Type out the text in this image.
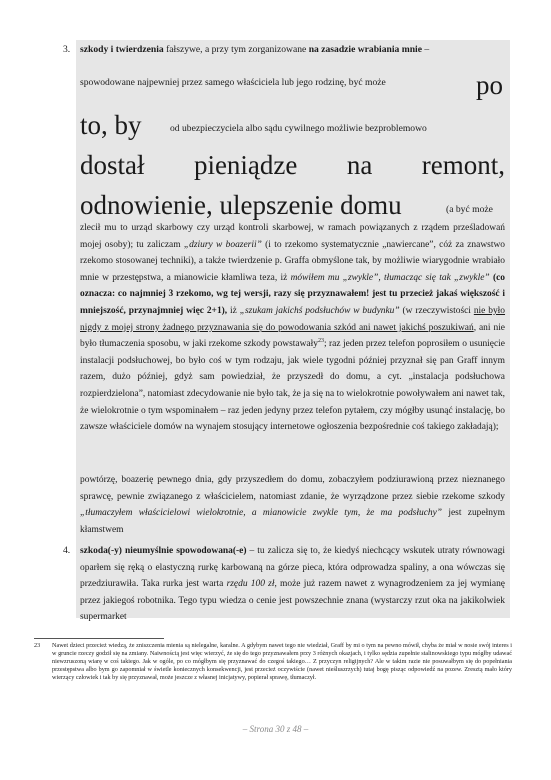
3. szkody i twierdzenia fałszywe, a przy tym zorganizowane na zasadzie wrabiania mnie –

spowodowane najpewniej przez samego właściciela lub jego rodzinę, być może	po
to, by	od ubezpieczyciela albo sądu cywilnego możliwie bezproblemowo

dostał pieniądze na remont,
odnowienie, ulepszenie domu	(a być może

zlecił mu to urząd skarbowy czy urząd kontroli skarbowej, w ramach powiązanych z rządem prześladowań mojej osoby); tu zaliczam „dziury w boazerii” (i to rzekomo systematycznie „nawiercane”, cóż za znawstwo rzekomo stosowanej techniki), a także twierdzenie p. Graffa obmyślone tak, by możliwie wiarygodnie wrabiało mnie w przestępstwa, a mianowicie kłamliwa teza, iż mówiłem mu „zwykle”, tłumacząc się tak „zwykle” (co oznacza: co najmniej 3 rzekomo, wg tej wersji, razy się przyznawałem! jest tu przecież jakaś większość i mniejszość, przynajmniej więc 2+1), iż „szukam jakichś podsłuchów w budynku” (w rzeczywistości nie było nigdy z mojej strony żadnego przyznawania się do powodowania szkód ani nawet jakichś poszukiwań, ani nie było tłumaczenia sposobu, w jaki rzekome szkody powstawały$^{23}$; raz jeden przez telefon poprosiłem o usunięcie instalacji podsłuchowej, bo było coś w tym rodzaju, jak wiele tygodni później przyznał się pan Graff innym razem, dużo później, gdyż sam powiedział, że przyszedł do domu, a cyt. „instalacja podsłuchowa rozpierdzielona”, natomiast zdecydowanie nie było tak, że ja się na to wielokrotnie powoływałem ani nawet tak, że wielokrotnie o tym wspominałem – raz jeden jedyny przez telefon pytałem, czy mógłby usunąć instalację, bo zawsze właściciele domów na wynajem stosujący internetowe ogłoszenia bezpośrednie coś takiego zakładają);

powtórzę, boazerię pewnego dnia, gdy przyszedłem do domu, zobaczyłem podziurawioną przez nieznanego sprawcę, pewnie związanego z właścicielem, natomiast zdanie, że wyrządzone przez siebie rzekome szkody „tłumaczyłem właścicielowi wielokrotnie, a mianowicie zwykle tym, że ma podsłuchy” jest zupełnym kłamstwem

4. szkoda(-y) nieumyślnie spowodowana(-e) – tu zalicza się to, że kiedyś niechcący wskutek utraty równowagi oparłem się ręką o elastyczną rurkę karbowaną na górze pieca, która odprowadza spaliny, a ona wówczas się przedziurawiła. Taka rurka jest warta rzędu 100 zł, może już razem nawet z wynagrodzeniem za jej wymianę przez jakiegoś robotnika. Tego typu wiedza o cenie jest powszechnie znana (wystarczy rzut oka na jakikolwiek supermarket

23 Nawet dzieci przecież wiedzą, że zniszczenia mienia są nielegalne, karalne. A gdybym nawet tego nie wiedział, Graff by mi o tym na pewno mówił, chyba że miał w nosie swój interes i w gruncie rzeczy godził się na zmiany. Naiwnością jest więc wierzyć, że się do tego przyznawałem przy 3 różnych okazjach, i tylko sędzia zupełnie stalinowskiego typu mógłby udawać niewzruszoną wiarę w coś takiego. Jak w ogóle, po co mógłbym się przyznawać do czegoś takiego… Z przyczyn religijnych? Ale w takim razie nie posuwałbym się do popełniania przestępstwa albo bym go zapomniał w świetle koniecznych konsekwencji, jest przecież oczywiście (nawet nieśluszrzych) tutaj bogę pisząc odpowiedź na pozew. Zresztą mało który wierzący człowiek i tak by się przyznawał, może jeszcze z własnej inicjatywy, popierał sprawę, tłumaczył.
– Strona 30 z 48 –
